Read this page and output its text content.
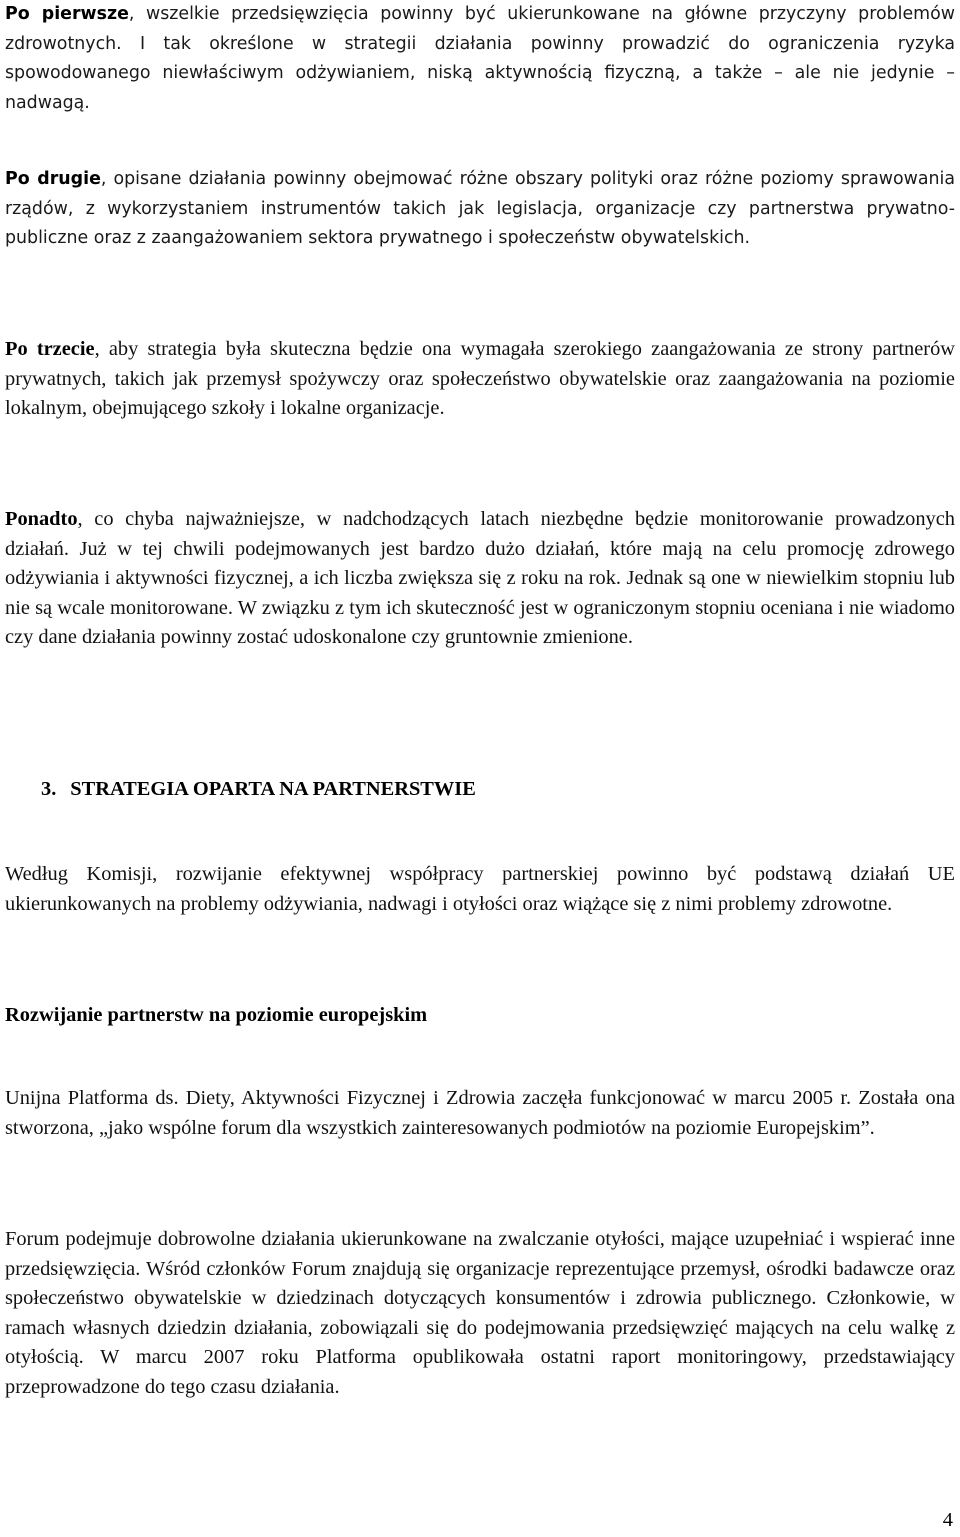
Po pierwsze, wszelkie przedsięwzięcia powinny być ukierunkowane na główne przyczyny problemów zdrowotnych. I tak określone w strategii działania powinny prowadzić do ograniczenia ryzyka spowodowanego niewłaściwym odżywianiem, niską aktywnością fizyczną, a także – ale nie jedynie – nadwagą.

Po drugie, opisane działania powinny obejmować różne obszary polityki oraz różne poziomy sprawowania rządów, z wykorzystaniem instrumentów takich jak legislacja, organizacje czy partnerstwa prywatno-publiczne oraz z zaangażowaniem sektora prywatnego i społeczeństw obywatelskich.

Po trzecie, aby strategia była skuteczna będzie ona wymagała szerokiego zaangażowania ze strony partnerów prywatnych, takich jak przemysł spożywczy oraz społeczeństwo obywatelskie oraz zaangażowania na poziomie lokalnym, obejmującego szkoły i lokalne organizacje.

Ponadto, co chyba najważniejsze, w nadchodzących latach niezbędne będzie monitorowanie prowadzonych działań. Już w tej chwili podejmowanych jest bardzo dużo działań, które mają na celu promocję zdrowego odżywiania i aktywności fizycznej, a ich liczba zwiększa się z roku na rok. Jednak są one w niewielkim stopniu lub nie są wcale monitorowane. W związku z tym ich skuteczność jest w ograniczonym stopniu oceniana i nie wiadomo czy dane działania powinny zostać udoskonalone czy gruntownie zmienione.

3. STRATEGIA OPARTA NA PARTNERSTWIE

Według Komisji, rozwijanie efektywnej współpracy partnerskiej powinno być podstawą działań UE ukierunkowanych na problemy odżywiania, nadwagi i otyłości oraz wiążące się z nimi problemy zdrowotne.

Rozwijanie partnerstw na poziomie europejskim

Unijna Platforma ds. Diety, Aktywności Fizycznej i Zdrowia zaczęła funkcjonować w marcu 2005 r. Została ona stworzona, „jako wspólne forum dla wszystkich zainteresowanych podmiotów na poziomie Europejskim”.

Forum podejmuje dobrowolne działania ukierunkowane na zwalczanie otyłości, mające uzupełniać i wspierać inne przedsięwzięcia. Wśród członków Forum znajdują się organizacje reprezentujące przemysł, ośrodki badawcze oraz społeczeństwo obywatelskie w dziedzinach dotyczących konsumentów i zdrowia publicznego. Członkowie, w ramach własnych dziedzin działania, zobowiązali się do podejmowania przedsięwzięć mających na celu walkę z otyłością. W marcu 2007 roku Platforma opublikowała ostatni raport monitoringowy, przedstawiający przeprowadzone do tego czasu działania.

4
